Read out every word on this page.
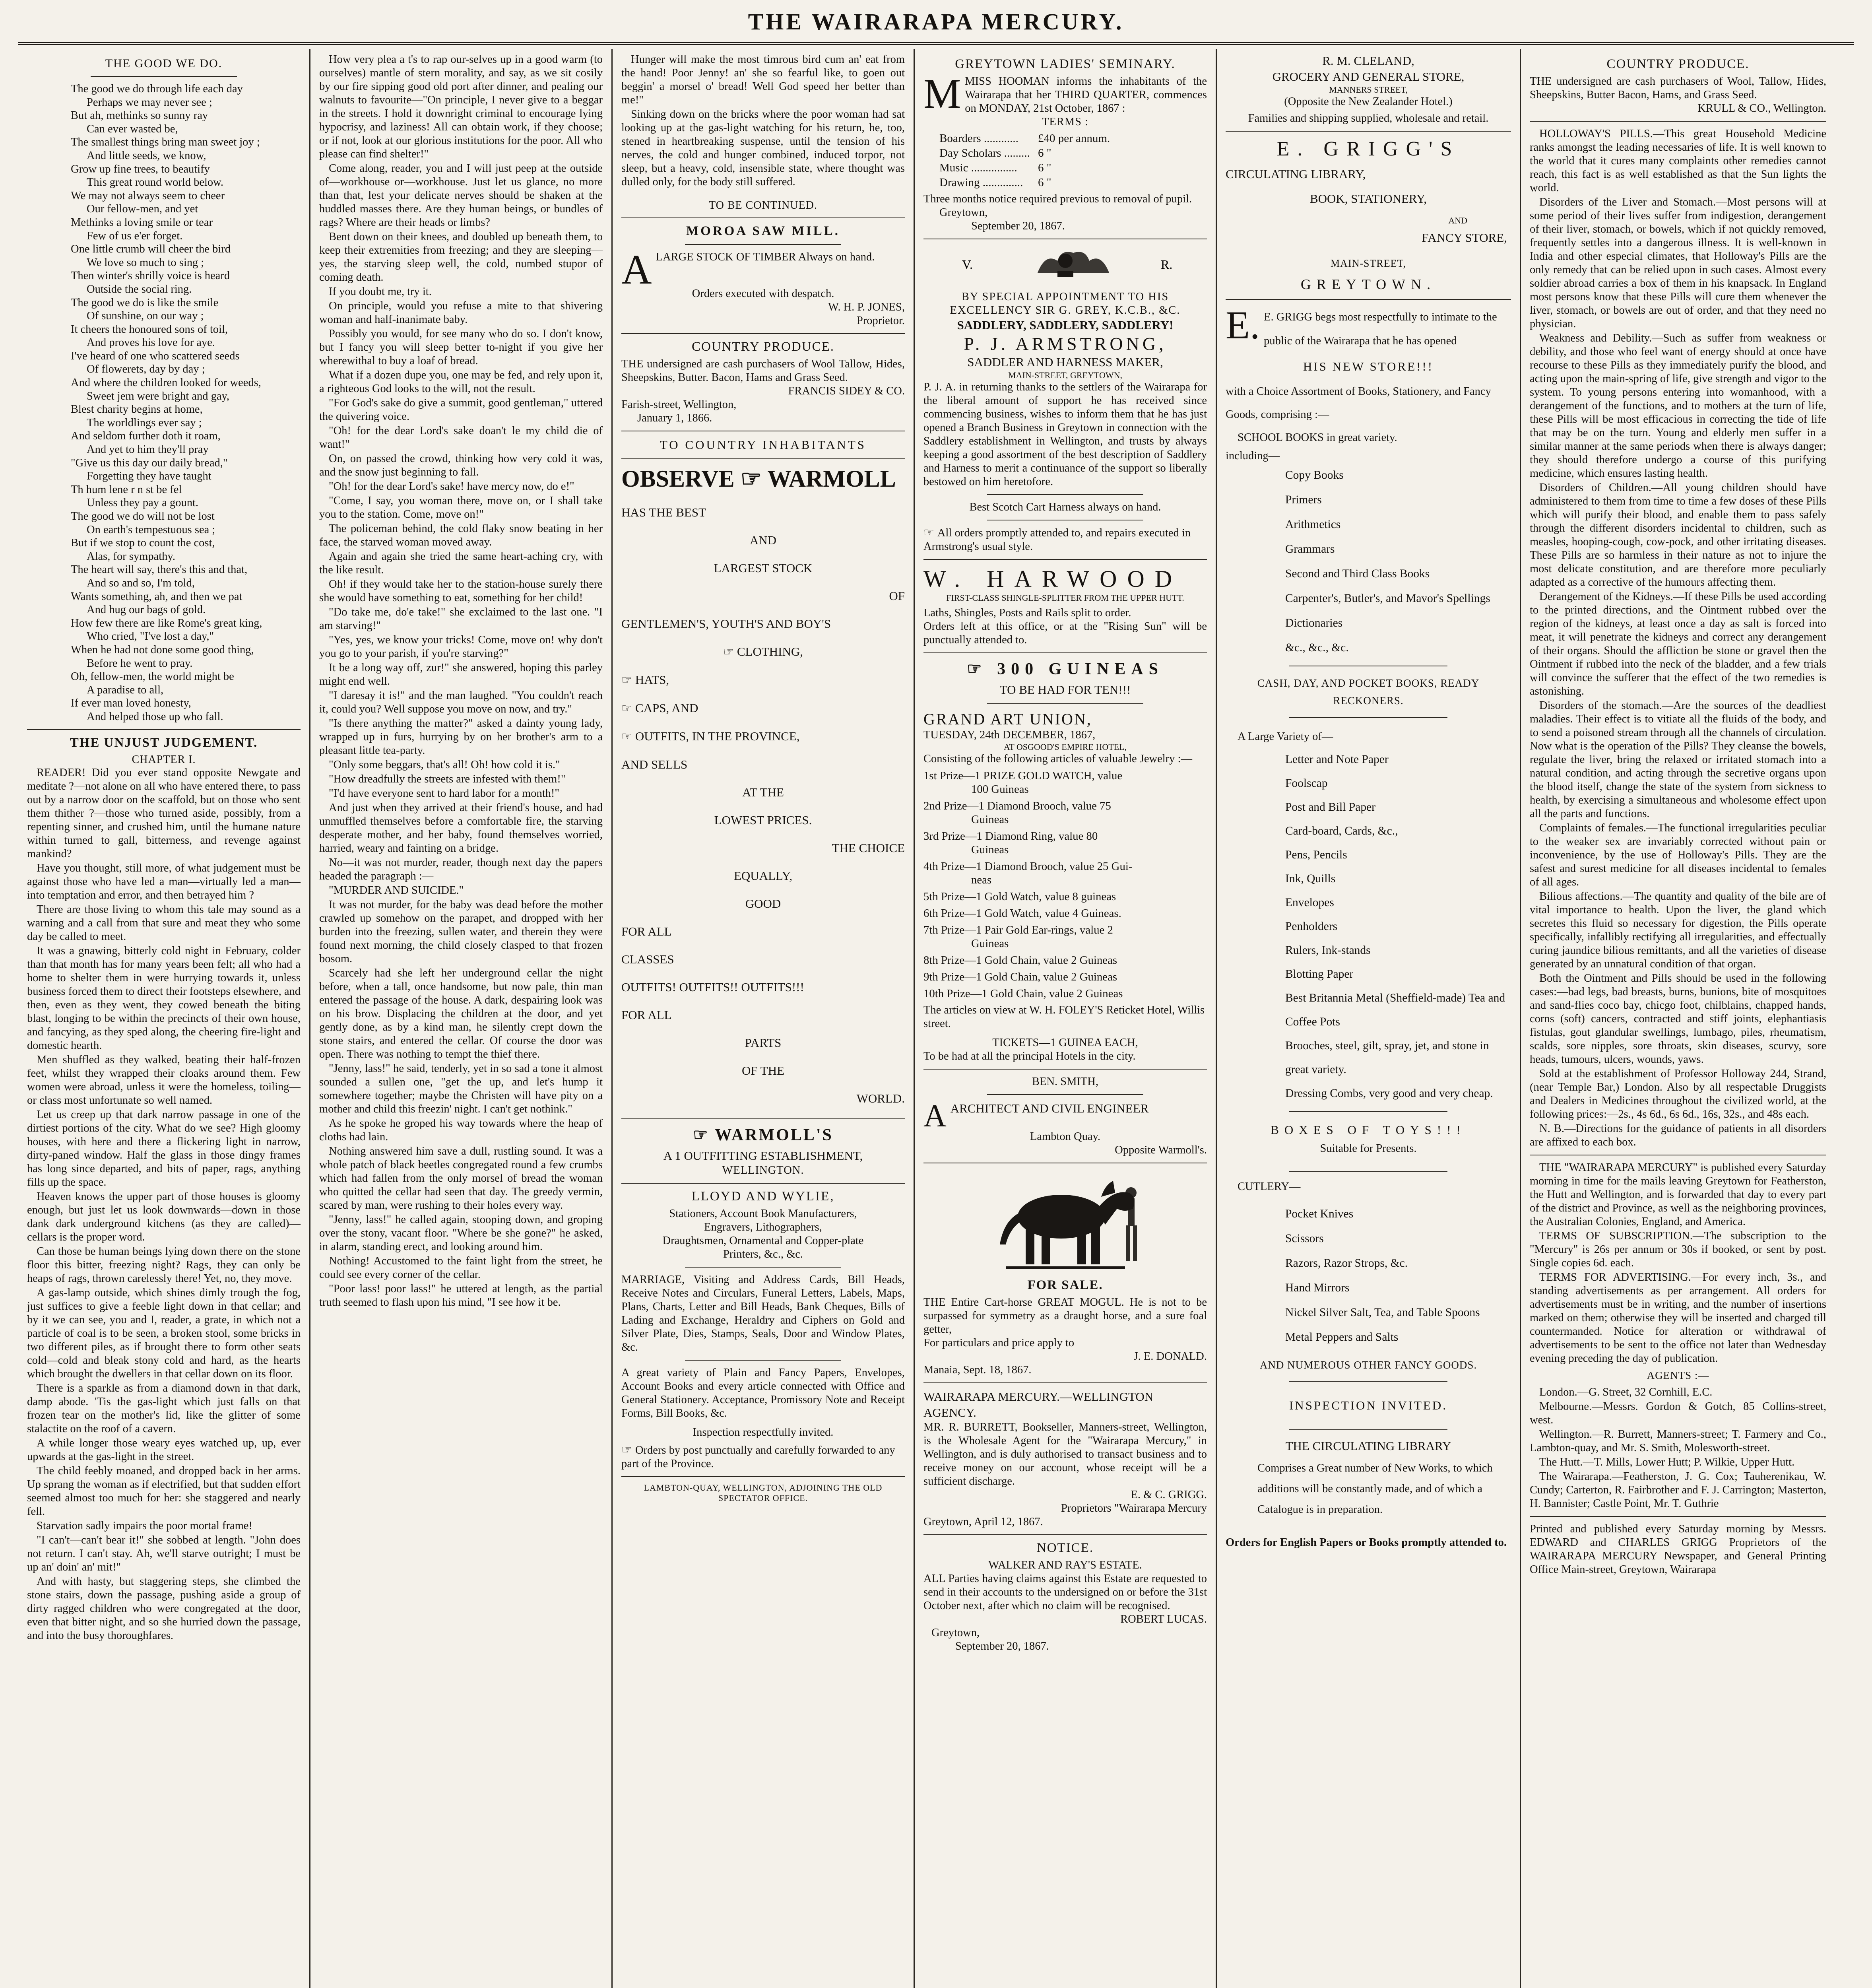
THE WAIRARAPA MERCURY.
THE GOOD WE DO.
The good we do through life each day
Perhaps we may never see ;
But ah, methinks so sunny ray
Can ever wasted be,
The smallest things bring man sweet joy ;
And little seeds, we know,
Grow up fine trees, to beautify
This great round world below.
We may not always seem to cheer
Our fellow-men, and yet
Methinks a loving smile or tear
Few of us e'er forget.
One little crumb will cheer the bird
We love so much to sing ;
Then winter's shrilly voice is heard
Outside the social ring.
The good we do is like the smile
Of sunshine, on our way ;
It cheers the honoured sons of toil,
And proves his love for aye.
I've heard of one who scattered seeds
Of flowerets, day by day ;
And where the children looked for weeds,
Sweet jem were bright and gay,
Blest charity begins at home,
The worldlings ever say ;
And seldom further doth it roam,
And yet to him they'll pray
"Give us this day our daily bread,"
Forgetting they have taught
Th hum lene r n st be fel
Unless they pay a gount.
The good we do will not be lost
On earth's tempestuous sea ;
But if we stop to count the cost,
Alas, for sympathy.
The heart will say, there's this and that,
And so and so, I'm told,
Wants something, ah, and then we pat
And hug our bags of gold.
How few there are like Rome's great king,
Who cried, "I've lost a day,"
When he had not done some good thing,
Before he went to pray.
Oh, fellow-men, the world might be
A paradise to all,
If ever man loved honesty,
And helped those up who fall.
THE UNJUST JUDGEMENT.
CHAPTER I.

READER! Did you ever stand opposite Newgate and meditate ?—not alone on all who have entered there, to pass out by a narrow door on the scaffold, but on those who sent them thither ?—those who turned aside, possibly, from a repenting sinner, and crushed him, until the humane nature within turned to gall, bitterness, and revenge against mankind?

Have you thought, still more, of what judgement must be against those who have led a man—virtually led a man—into temptation and error, and then betrayed him ?

There are those living to whom this tale may sound as a warning and a call from that sure and meat they who some day be called to meet.

It was a gnawing, bitterly cold night in February, colder than that month has for many years been felt; all who had a home to shelter them in were hurrying towards it, unless business forced them to direct their footsteps elsewhere, and then, even as they went, they cowed beneath the biting blast, longing to be within the precincts of their own house, and fancying, as they sped along, the cheering fire-light and domestic hearth.

Men shuffled as they walked, beating their half-frozen feet, whilst they wrapped their cloaks around them. Few women were abroad, unless it were the homeless, toiling—or class most unfortunate so well named.

Let us creep up that dark narrow passage in one of the dirtiest portions of the city. What do we see? High gloomy houses, with here and there a flickering light in narrow, dirty-paned window. Half the glass in those dingy frames has long since departed, and bits of paper, rags, anything fills up the space.

Heaven knows the upper part of those houses is gloomy enough, but just let us look downwards—down in those dank dark underground kitchens (as they are called)—cellars is the proper word.

Can those be human beings lying down there on the stone floor this bitter, freezing night? Rags, they can only be heaps of rags, thrown carelessly there! Yet, no, they move.

A gas-lamp outside, which shines dimly trough the fog, just suffices to give a feeble light down in that cellar; and by it we can see, you and I, reader, a grate, in which not a particle of coal is to be seen, a broken stool, some bricks in two different piles, as if brought there to form other seats cold—cold and bleak stony cold and hard, as the hearts which brought the dwellers in that cellar down on its floor.

There is a sparkle as from a diamond down in that dark, damp abode. 'Tis the gas-light which just falls on that frozen tear on the mother's lid, like the glitter of some stalactite on the roof of a cavern.

A while longer those weary eyes watched up, up, ever upwards at the gas-light in the street.

The child feebly moaned, and dropped back in her arms. Up sprang the woman as if electrified, but that sudden effort seemed almost too much for her: she staggered and nearly fell.

Starvation sadly impairs the poor mortal frame!

"I can't—can't bear it!" she sobbed at length. "John does not return. I can't stay. Ah, we'll starve outright; I must be up an' doin' an' mit!"

And with hasty, but staggering steps, she climbed the stone stairs, down the passage, pushing aside a group of dirty ragged children who were congregated at the door, even that bitter night, and so she hurried down the passage, and into the busy thoroughfares.

How very plea a t's to rap our-selves up in a good warm (to ourselves) mantle of stern morality, and say, as we sit cosily by our fire sipping good old port after dinner, and pealing our walnuts to favourite—"On principle, I never give to a beggar in the streets. I hold it downright criminal to encourage lying hypocrisy, and laziness! All can obtain work, if they choose; or if not, look at our glorious institutions for the poor. All who please can find shelter!"

Come along, reader, you and I will just peep at the outside of—workhouse or—workhouse. Just let us glance, no more than that, lest your delicate nerves should be shaken at the huddled masses there. Are they human beings, or bundles of rags? Where are their heads or limbs?

Bent down on their knees, and doubled up beneath them, to keep their extremities from freezing; and they are sleeping—yes, the starving sleep well, the cold, numbed stupor of coming death.

If you doubt me, try it.

On principle, would you refuse a mite to that shivering woman and half-inanimate baby.

Possibly you would, for see many who do so. I don't know, but I fancy you will sleep better to-night if you give her wherewithal to buy a loaf of bread.

What if a dozen dupe you, one may be fed, and rely upon it, a righteous God looks to the will, not the result.

"For God's sake do give a summit, good gentleman," uttered the quivering voice.

"Oh! for the dear Lord's sake doan't le my child die of want!"

On, on passed the crowd, thinking how very cold it was, and the snow just beginning to fall.

"Oh! for the dear Lord's sake! have mercy now, do e!"

"Come, I say, you woman there, move on, or I shall take you to the station. Come, move on!"

The policeman behind, the cold flaky snow beating in her face, the starved woman moved away.

Again and again she tried the same heart-aching cry, with the like result.

Oh! if they would take her to the station-house surely there she would have something to eat, something for her child!

"Do take me, do'e take!" she exclaimed to the last one. "I am starving!"

"Yes, yes, we know your tricks! Come, move on! why don't you go to your parish, if you're starving?"

It be a long way off, zur!" she answered, hoping this parley might end well.

"I daresay it is!" and the man laughed. "You couldn't reach it, could you? Well suppose you move on now, and try."

"Is there anything the matter?" asked a dainty young lady, wrapped up in furs, hurrying by on her brother's arm to a pleasant little tea-party.

"Only some beggars, that's all! Oh! how cold it is."

"How dreadfully the streets are infested with them!"

"I'd have everyone sent to hard labor for a month!"

And just when they arrived at their friend's house, and had unmuffled themselves before a comfortable fire, the starving desperate mother, and her baby, found themselves worried, harried, weary and fainting on a bridge.

No—it was not murder, reader, though next day the papers headed the paragraph :—

"MURDER AND SUICIDE."

It was not murder, for the baby was dead before the mother crawled up somehow on the parapet, and dropped with her burden into the freezing, sullen water, and therein they were found next morning, the child closely clasped to that frozen bosom.

Scarcely had she left her underground cellar the night before, when a tall, once handsome, but now pale, thin man entered the passage of the house. A dark, despairing look was on his brow. Displacing the children at the door, and yet gently done, as by a kind man, he silently crept down the stone stairs, and entered the cellar. Of course the door was open. There was nothing to tempt the thief there.

"Jenny, lass!" he said, tenderly, yet in so sad a tone it almost sounded a sullen one, "get the up, and let's hump it somewhere together; maybe the Christen will have pity on a mother and child this freezin' night. I can't get nothink."

As he spoke he groped his way towards where the heap of cloths had lain.

Nothing answered him save a dull, rustling sound. It was a whole patch of black beetles congregated round a few crumbs which had fallen from the only morsel of bread the woman who quitted the cellar had seen that day. The greedy vermin, scared by man, were rushing to their holes every way.

"Jenny, lass!" he called again, stooping down, and groping over the stony, vacant floor. "Where be she gone?" he asked, in alarm, standing erect, and looking around him.

Nothing! Accustomed to the faint light from the street, he could see every corner of the cellar.

"Poor lass! poor lass!" he uttered at length, as the partial truth seemed to flash upon his mind, "I see how it be.

Hunger will make the most timrous bird cum an' eat from the hand! Poor Jenny! an' she so fearful like, to goen out beggin' a morsel o' bread! Well God speed her better than me!"

Sinking down on the bricks where the poor woman had sat looking up at the gas-light watching for his return, he, too, stened in heartbreaking suspense, until the tension of his nerves, the cold and hunger combined, induced torpor, not sleep, but a heavy, cold, insensible state, where thought was dulled only, for the body still suffered.

TO BE CONTINUED.
MOROA SAW MILL.
A LARGE STOCK OF TIMBER Always on hand.
Orders executed with despatch.
W. H. P. JONES,
Proprietor.
COUNTRY PRODUCE.
THE undersigned are cash purchasers of Wool Tallow, Hides, Sheepskins, Butter. Bacon, Hams and Grass Seed.
FRANCIS SIDEY & CO.
Farish-street, Wellington,
January 1, 1866.
TO COUNTRY INHABITANTS
OBSERVE ☞ WARMOLL
HAS THE BEST
AND
LARGEST STOCK
OF
GENTLEMEN'S, YOUTH'S AND BOY'S
☞ CLOTHING,
☞ HATS,
☞ CAPS, AND
☞ OUTFITS, IN THE PROVINCE,
AND SELLS
AT THE
LOWEST PRICES.
THE CHOICE
EQUALLY,
GOOD
FOR ALL
CLASSES
OUTFITS! OUTFITS!! OUTFITS!!!
FOR ALL
PARTS
OF THE
WORLD.
☞ WARMOLL'S
A 1 OUTFITTING ESTABLISHMENT,
WELLINGTON.
LLOYD AND WYLIE,
Stationers, Account Book Manufacturers,
Engravers, Lithographers,
Draughtsmen, Ornamental and Copper-plate
Printers, &c., &c.
MARRIAGE, Visiting and Address Cards, Bill Heads, Receive Notes and Circulars, Funeral Letters, Labels, Maps, Plans, Charts, Letter and Bill Heads, Bank Cheques, Bills of Lading and Exchange, Heraldry and Ciphers on Gold and Silver Plate, Dies, Stamps, Seals, Door and Window Plates, &c.
A great variety of Plain and Fancy Papers, Envelopes, Account Books and every article connected with Office and General Stationery. Acceptance, Promissory Note and Receipt Forms, Bill Books, &c.
Inspection respectfully invited.
☞ Orders by post punctually and carefully forwarded to any part of the Province.
LAMBTON-QUAY, WELLINGTON, ADJOINING THE OLD SPECTATOR OFFICE.
GREYTOWN LADIES' SEMINARY.
M MISS HOOMAN informs the inhabitants of the Wairarapa that her THIRD QUARTER, commences on MONDAY, 21st October, 1867 :
TERMS :
Boarders ............	£40 per annum.
Day Scholars .........	6 "
Music ................	6 "
Drawing ..............	6 "
Three months notice required previous to removal of pupil.
Greytown,
September 20, 1867.
V.	R.
BY SPECIAL APPOINTMENT TO HIS EXCELLENCY SIR G. GREY, K.C.B., &C.
SADDLERY, SADDLERY, SADDLERY!
P. J. ARMSTRONG,
SADDLER AND HARNESS MAKER,
MAIN-STREET, GREYTOWN,
P. J. A. in returning thanks to the settlers of the Wairarapa for the liberal amount of support he has received since commencing business, wishes to inform them that he has just opened a Branch Business in Greytown in connection with the Saddlery establishment in Wellington, and trusts by always keeping a good assortment of the best description of Saddlery and Harness to merit a continuance of the support so liberally bestowed on him heretofore.
Best Scotch Cart Harness always on hand.
☞ All orders promptly attended to, and repairs executed in Armstrong's usual style.
W. HARWOOD
FIRST-CLASS SHINGLE-SPLITTER FROM THE UPPER HUTT.
Laths, Shingles, Posts and Rails split to order.
Orders left at this office, or at the "Rising Sun" will be punctually attended to.
☞ 300 GUINEAS
TO BE HAD FOR TEN!!!
GRAND ART UNION,
TUESDAY, 24th DECEMBER, 1867,
AT OSGOOD'S EMPIRE HOTEL,
Consisting of the following articles of valuable Jewelry :—
1st Prize—1 PRIZE GOLD WATCH, value
100 Guineas
2nd Prize—1 Diamond Brooch, value 75
Guineas
3rd Prize—1 Diamond Ring, value 80
Guineas
4th Prize—1 Diamond Brooch, value 25 Gui-
neas
5th Prize—1 Gold Watch, value 8 guineas
6th Prize—1 Gold Watch, value 4 Guineas.
7th Prize—1 Pair Gold Ear-rings, value 2
Guineas
8th Prize—1 Gold Chain, value 2 Guineas
9th Prize—1 Gold Chain, value 2 Guineas
10th Prize—1 Gold Chain, value 2 Guineas
The articles on view at W. H. FOLEY'S Reticket Hotel, Willis street.
TICKETS—1 GUINEA EACH,
To be had at all the principal Hotels in the city.
BEN. SMITH,
AARCHITECT AND CIVIL ENGINEER
Lambton Quay.
Opposite Warmoll's.
FOR SALE.
THE Entire Cart-horse GREAT MOGUL. He is not to be surpassed for symmetry as a draught horse, and a sure foal getter,
For particulars and price apply to
J. E. DONALD.
Manaia, Sept. 18, 1867.
WAIRARAPA MERCURY.—WELLINGTON AGENCY.
MR. R. BURRETT, Bookseller, Manners-street, Wellington, is the Wholesale Agent for the "Wairarapa Mercury," in Wellington, and is duly authorised to transact business and to receive money on our account, whose receipt will be a sufficient discharge.
E. & C. GRIGG.
Proprietors "Wairarapa Mercury
Greytown, April 12, 1867.
NOTICE.
WALKER AND RAY'S ESTATE.
ALL Parties having claims against this Estate are requested to send in their accounts to the undersigned on or before the 31st October next, after which no claim will be recognised.
ROBERT LUCAS.
Greytown,
September 20, 1867.
R. M. CLELAND,
GROCERY AND GENERAL STORE,
MANNERS STREET,
(Opposite the New Zealander Hotel.)
Families and shipping supplied, wholesale and retail.
E. GRIGG'S
CIRCULATING LIBRARY,
BOOK, STATIONERY,
AND
FANCY STORE,
MAIN-STREET,
GREYTOWN.
E. E. GRIGG begs most respectfully to intimate to the public of the Wairarapa that he has opened
HIS NEW STORE!!!
with a Choice Assortment of Books, Stationery, and Fancy Goods, comprising :—
SCHOOL BOOKS in great variety.
including—
Copy Books
Primers
Arithmetics
Grammars
Second and Third Class Books
Carpenter's, Butler's, and Mavor's Spellings
Dictionaries
&c., &c., &c.
CASH, DAY, AND POCKET BOOKS, READY RECKONERS.
A Large Variety of—
Letter and Note Paper
Foolscap
Post and Bill Paper
Card-board, Cards, &c.,
Pens, Pencils
Ink, Quills
Envelopes
Penholders
Rulers, Ink-stands
Blotting Paper
Best Britannia Metal (Sheffield-made) Tea and Coffee Pots
Brooches, steel, gilt, spray, jet, and stone in great variety.
Dressing Combs, very good and very cheap.
BOXES OF TOYS!!!
Suitable for Presents.
CUTLERY—
Pocket Knives
Scissors
Razors, Razor Strops, &c.
Hand Mirrors
Nickel Silver Salt, Tea, and Table Spoons
Metal Peppers and Salts
AND NUMEROUS OTHER FANCY GOODS.
INSPECTION INVITED.
THE CIRCULATING LIBRARY
Comprises a Great number of New Works, to which additions will be constantly made, and of which a Catalogue is in preparation.
Orders for English Papers or Books promptly attended to.
COUNTRY PRODUCE.
THE undersigned are cash purchasers of Wool, Tallow, Hides, Sheepskins, Butter Bacon, Hams, and Grass Seed.
KRULL & CO., Wellington.

HOLLOWAY'S PILLS.—This great Household Medicine ranks amongst the leading necessaries of life. It is well known to the world that it cures many complaints other remedies cannot reach, this fact is as well established as that the Sun lights the world.

Disorders of the Liver and Stomach.—Most persons will at some period of their lives suffer from indigestion, derangement of their liver, stomach, or bowels, which if not quickly removed, frequently settles into a dangerous illness. It is well-known in India and other especial climates, that Holloway's Pills are the only remedy that can be relied upon in such cases. Almost every soldier abroad carries a box of them in his knapsack. In England most persons know that these Pills will cure them whenever the liver, stomach, or bowels are out of order, and that they need no physician.

Weakness and Debility.—Such as suffer from weakness or debility, and those who feel want of energy should at once have recourse to these Pills as they immediately purify the blood, and acting upon the main-spring of life, give strength and vigor to the system. To young persons entering into womanhood, with a derangement of the functions, and to mothers at the turn of life, these Pills will be most efficacious in correcting the tide of life that may be on the turn. Young and elderly men suffer in a similar manner at the same periods when there is always danger; they should therefore undergo a course of this purifying medicine, which ensures lasting health.

Disorders of Children.—All young children should have administered to them from time to time a few doses of these Pills which will purify their blood, and enable them to pass safely through the different disorders incidental to children, such as measles, hooping-cough, cow-pock, and other irritating diseases. These Pills are so harmless in their nature as not to injure the most delicate constitution, and are therefore more peculiarly adapted as a corrective of the humours affecting them.

Derangement of the Kidneys.—If these Pills be used according to the printed directions, and the Ointment rubbed over the region of the kidneys, at least once a day as salt is forced into meat, it will penetrate the kidneys and correct any derangement of their organs. Should the affliction be stone or gravel then the Ointment if rubbed into the neck of the bladder, and a few trials will convince the sufferer that the effect of the two remedies is astonishing.

Disorders of the stomach.—Are the sources of the deadliest maladies. Their effect is to vitiate all the fluids of the body, and to send a poisoned stream through all the channels of circulation. Now what is the operation of the Pills? They cleanse the bowels, regulate the liver, bring the relaxed or irritated stomach into a natural condition, and acting through the secretive organs upon the blood itself, change the state of the system from sickness to health, by exercising a simultaneous and wholesome effect upon all the parts and functions.

Complaints of females.—The functional irregularities peculiar to the weaker sex are invariably corrected without pain or inconvenience, by the use of Holloway's Pills. They are the safest and surest medicine for all diseases incidental to females of all ages.

Bilious affections.—The quantity and quality of the bile are of vital importance to health. Upon the liver, the gland which secretes this fluid so necessary for digestion, the Pills operate specifically, infallibly rectifying all irregularities, and effectually curing jaundice bilious remittants, and all the varieties of disease generated by an unnatural condition of that organ.

Both the Ointment and Pills should be used in the following cases:—bad legs, bad breasts, burns, bunions, bite of mosquitoes and sand-flies coco bay, chicgo foot, chilblains, chapped hands, corns (soft) cancers, contracted and stiff joints, elephantiasis fistulas, gout glandular swellings, lumbago, piles, rheumatism, scalds, sore nipples, sore throats, skin diseases, scurvy, sore heads, tumours, ulcers, wounds, yaws.

Sold at the establishment of Professor Holloway 244, Strand, (near Temple Bar,) London. Also by all respectable Druggists and Dealers in Medicines throughout the civilized world, at the following prices:—2s., 4s 6d., 6s 6d., 16s, 32s., and 48s each.

N. B.—Directions for the guidance of patients in all disorders are affixed to each box.

THE "WAIRARAPA MERCURY" is published every Saturday morning in time for the mails leaving Greytown for Featherston, the Hutt and Wellington, and is forwarded that day to every part of the district and Province, as well as the neighboring provinces, the Australian Colonies, England, and America.

TERMS OF SUBSCRIPTION.—The subscription to the "Mercury" is 26s per annum or 30s if booked, or sent by post. Single copies 6d. each.

TERMS FOR ADVERTISING.—For every inch, 3s., and standing advertisements as per arrangement. All orders for advertisements must be in writing, and the number of insertions marked on them; otherwise they will be inserted and charged till countermanded. Notice for alteration or withdrawal of advertisements to be sent to the office not later than Wednesday evening preceding the day of publication.

AGENTS :—

London.—G. Street, 32 Cornhill, E.C.

Melbourne.—Messrs. Gordon & Gotch, 85 Collins-street, west.

Wellington.—R. Burrett, Manners-street; T. Farmery and Co., Lambton-quay, and Mr. S. Smith, Molesworth-street.

The Hutt.—T. Mills, Lower Hutt; P. Wilkie, Upper Hutt.

The Wairarapa.—Featherston, J. G. Cox; Tauherenikau, W. Cundy; Carterton, R. Fairbrother and F. J. Carrington; Masterton, H. Bannister; Castle Point, Mr. T. Guthrie

Printed and published every Saturday morning by Messrs. EDWARD and CHARLES GRIGG Proprietors of the WAIRARAPA MERCURY Newspaper, and General Printing Office Main-street, Greytown, Wairarapa
